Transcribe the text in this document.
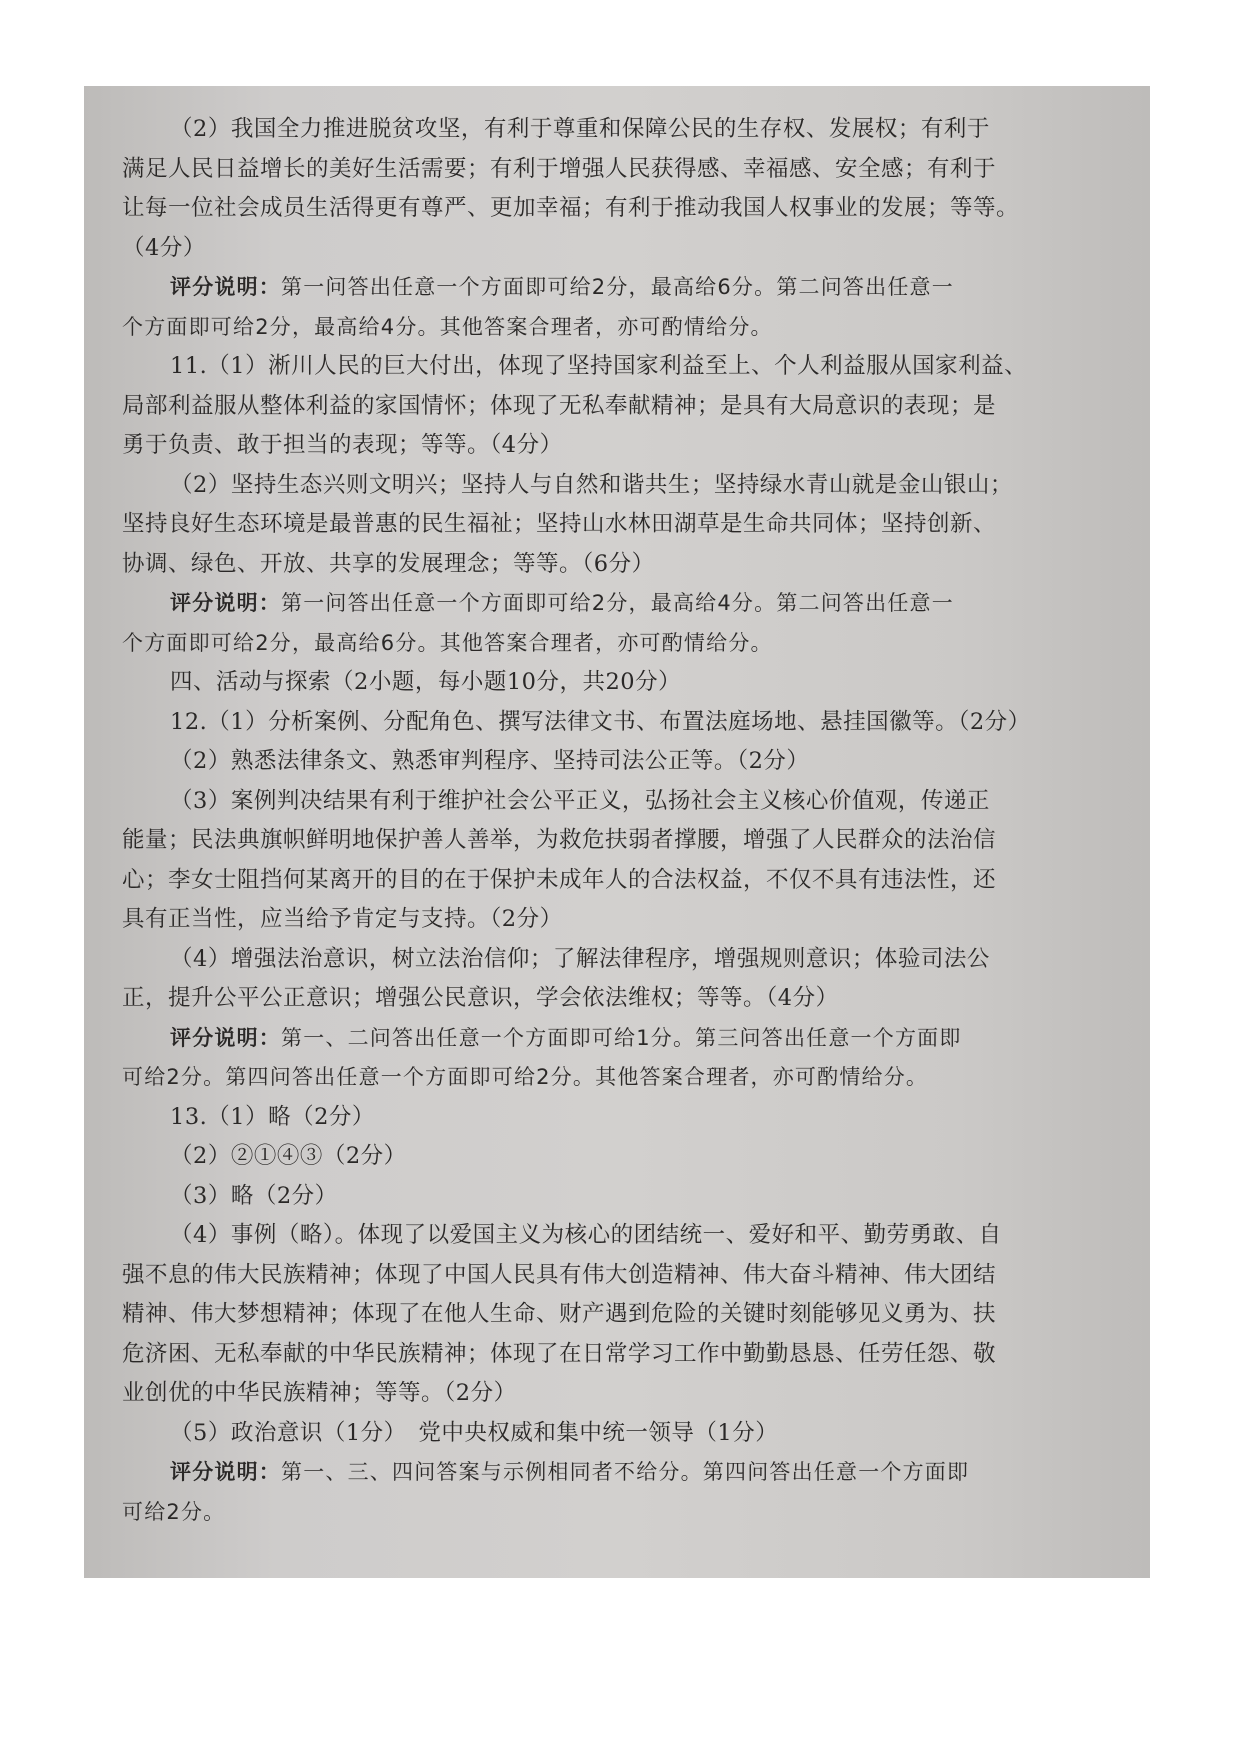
（2）我国全力推进脱贫攻坚，有利于尊重和保障公民的生存权、发展权；有利于
满足人民日益增长的美好生活需要；有利于增强人民获得感、幸福感、安全感；有利于
让每一位社会成员生活得更有尊严、更加幸福；有利于推动我国人权事业的发展；等等。
（4分）
评分说明：第一问答出任意一个方面即可给2分，最高给6分。第二问答出任意一
个方面即可给2分，最高给4分。其他答案合理者，亦可酌情给分。
11.（1）淅川人民的巨大付出，体现了坚持国家利益至上、个人利益服从国家利益、
局部利益服从整体利益的家国情怀；体现了无私奉献精神；是具有大局意识的表现；是
勇于负责、敢于担当的表现；等等。（4分）
（2）坚持生态兴则文明兴；坚持人与自然和谐共生；坚持绿水青山就是金山银山；
坚持良好生态环境是最普惠的民生福祉；坚持山水林田湖草是生命共同体；坚持创新、
协调、绿色、开放、共享的发展理念；等等。（6分）
评分说明：第一问答出任意一个方面即可给2分，最高给4分。第二问答出任意一
个方面即可给2分，最高给6分。其他答案合理者，亦可酌情给分。
四、活动与探索（2小题，每小题10分，共20分）
12.（1）分析案例、分配角色、撰写法律文书、布置法庭场地、悬挂国徽等。（2分）
（2）熟悉法律条文、熟悉审判程序、坚持司法公正等。（2分）
（3）案例判决结果有利于维护社会公平正义，弘扬社会主义核心价值观，传递正
能量；民法典旗帜鲜明地保护善人善举，为救危扶弱者撑腰，增强了人民群众的法治信
心；李女士阻挡何某离开的目的在于保护未成年人的合法权益，不仅不具有违法性，还
具有正当性，应当给予肯定与支持。（2分）
（4）增强法治意识，树立法治信仰；了解法律程序，增强规则意识；体验司法公
正，提升公平公正意识；增强公民意识，学会依法维权；等等。（4分）
评分说明：第一、二问答出任意一个方面即可给1分。第三问答出任意一个方面即
可给2分。第四问答出任意一个方面即可给2分。其他答案合理者，亦可酌情给分。
13.（1）略（2分）
（2）②①④③（2分）
（3）略（2分）
（4）事例（略）。体现了以爱国主义为核心的团结统一、爱好和平、勤劳勇敢、自
强不息的伟大民族精神；体现了中国人民具有伟大创造精神、伟大奋斗精神、伟大团结
精神、伟大梦想精神；体现了在他人生命、财产遇到危险的关键时刻能够见义勇为、扶
危济困、无私奉献的中华民族精神；体现了在日常学习工作中勤勤恳恳、任劳任怨、敬
业创优的中华民族精神；等等。（2分）
（5）政治意识（1分）　党中央权威和集中统一领导（1分）
评分说明：第一、三、四问答案与示例相同者不给分。第四问答出任意一个方面即
可给2分。
